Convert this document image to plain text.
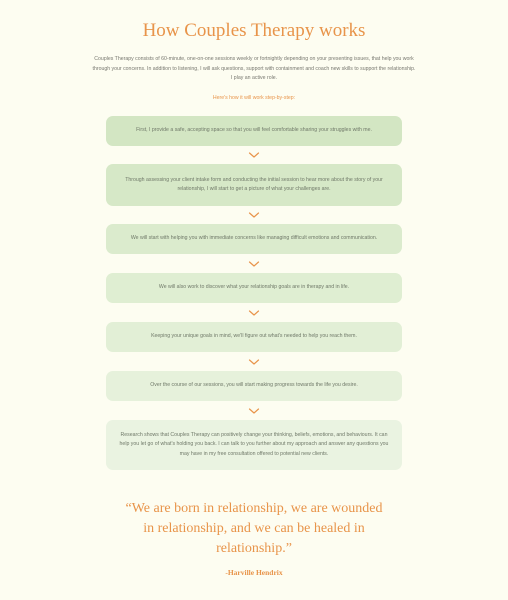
How Couples Therapy works
Couples Therapy consists of 60-minute, one-on-one sessions weekly or fortnightly depending on your presenting issues, that help you work through your concerns. In addition to listening, I will ask questions, support with containment and coach new skills to support the relationship. I play an active role.
Here's how it will work step-by-step:
First, I provide a safe, accepting space so that you will feel comfortable sharing your struggles with me.
Through assessing your client intake form and conducting the initial session to hear more about the story of your relationship, I will start to get a picture of what your challenges are.
We will start with helping you with immediate concerns like managing difficult emotions and communication.
We will also work to discover what your relationship goals are in therapy and in life.
Keeping your unique goals in mind, we'll figure out what's needed to help you reach them.
Over the course of our sessions, you will start making progress towards the life you desire.
Research shows that Couples Therapy can positively change your thinking, beliefs, emotions, and behaviours. It can help you let go of what's holding you back. I can talk to you further about my approach and answer any questions you may have in my free consultation offered to potential new clients.
“We are born in relationship, we are wounded in relationship, and we can be healed in relationship.”
-Harville Hendrix
